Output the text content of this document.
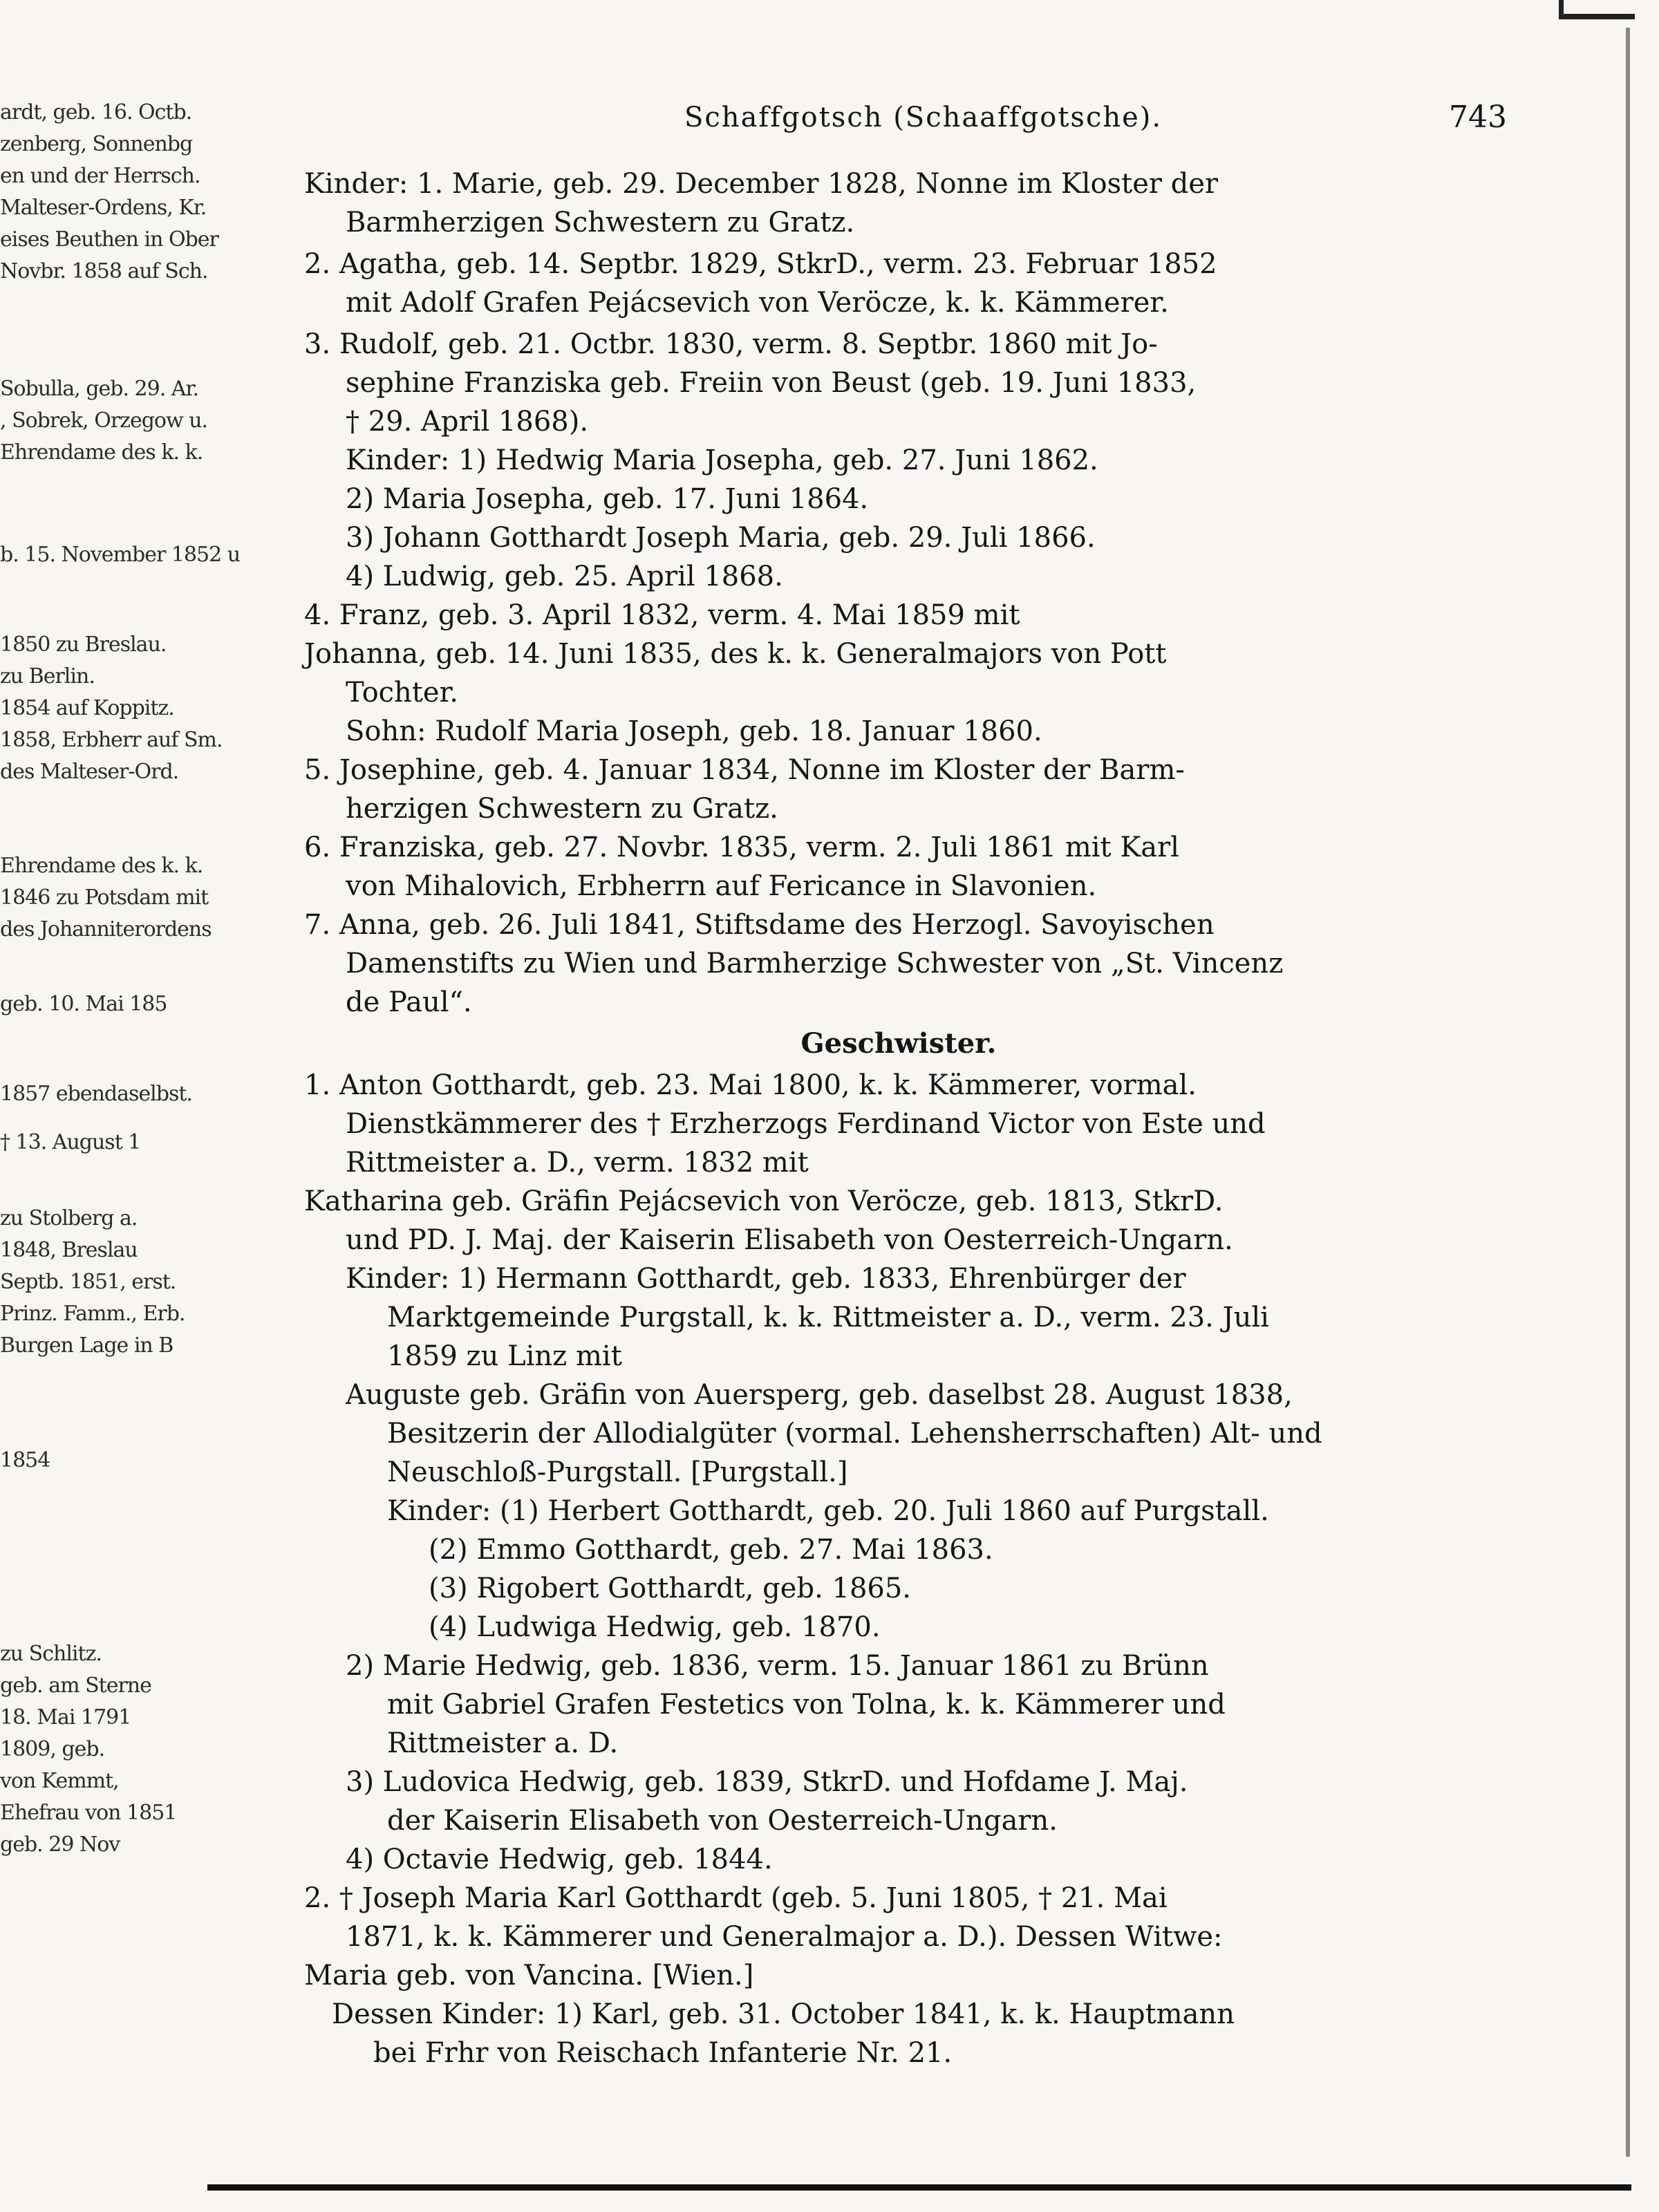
ardt, geb. 16. Octb.
zenberg, Sonnenbg
en und der Herrsch.
Malteser-Ordens, Kr.
eises Beuthen in Ober
Novbr. 1858 auf Sch.
Sobulla, geb. 29. Ar.
, Sobrek, Orzegow u.
Ehrendame des k. k.
b. 15. November 1852 u
1850 zu Breslau.
zu Berlin.
1854 auf Koppitz.
1858, Erbherr auf Sm.
des Malteser-Ord.
Ehrendame des k. k.
1846 zu Potsdam mit
des Johanniterordens
geb. 10. Mai 185
1857 ebendaselbst.
† 13. August 1
zu Stolberg a.
1848, Breslau
Septb. 1851, erst.
Prinz. Famm., Erb.
Burgen Lage in B
1854
zu Schlitz.
geb. am Sterne
18. Mai 1791
1809, geb.
von Kemmt,
Ehefrau von 1851
geb. 29 Nov
Schaffgotsch (Schaaffgotsche).	743
Kinder: 1. Marie, geb. 29. December 1828, Nonne im Kloster der
Barmherzigen Schwestern zu Gratz.
2. Agatha, geb. 14. Septbr. 1829, StkrD., verm. 23. Februar 1852
mit Adolf Grafen Pejácsevich von Veröcze, k. k. Kämmerer.
3. Rudolf, geb. 21. Octbr. 1830, verm. 8. Septbr. 1860 mit Jo-
sephine Franziska geb. Freiin von Beust (geb. 19. Juni 1833,
† 29. April 1868).
Kinder: 1) Hedwig Maria Josepha, geb. 27. Juni 1862.
2) Maria Josepha, geb. 17. Juni 1864.
3) Johann Gotthardt Joseph Maria, geb. 29. Juli 1866.
4) Ludwig, geb. 25. April 1868.
4. Franz, geb. 3. April 1832, verm. 4. Mai 1859 mit
Johanna, geb. 14. Juni 1835, des k. k. Generalmajors von Pott
Tochter.
Sohn: Rudolf Maria Joseph, geb. 18. Januar 1860.
5. Josephine, geb. 4. Januar 1834, Nonne im Kloster der Barm-
herzigen Schwestern zu Gratz.
6. Franziska, geb. 27. Novbr. 1835, verm. 2. Juli 1861 mit Karl
von Mihalovich, Erbherrn auf Fericance in Slavonien.
7. Anna, geb. 26. Juli 1841, Stiftsdame des Herzogl. Savoyischen
Damenstifts zu Wien und Barmherzige Schwester von „St. Vincenz
de Paul“.
Geschwister.
1. Anton Gotthardt, geb. 23. Mai 1800, k. k. Kämmerer, vormal.
Dienstkämmerer des † Erzherzogs Ferdinand Victor von Este und
Rittmeister a. D., verm. 1832 mit
Katharina geb. Gräfin Pejácsevich von Veröcze, geb. 1813, StkrD.
und PD. J. Maj. der Kaiserin Elisabeth von Oesterreich-Ungarn.
Kinder: 1) Hermann Gotthardt, geb. 1833, Ehrenbürger der
Marktgemeinde Purgstall, k. k. Rittmeister a. D., verm. 23. Juli
1859 zu Linz mit
Auguste geb. Gräfin von Auersperg, geb. daselbst 28. August 1838,
Besitzerin der Allodialgüter (vormal. Lehensherrschaften) Alt- und
Neuschloß-Purgstall. [Purgstall.]
Kinder: (1) Herbert Gotthardt, geb. 20. Juli 1860 auf Purgstall.
(2) Emmo Gotthardt, geb. 27. Mai 1863.
(3) Rigobert Gotthardt, geb. 1865.
(4) Ludwiga Hedwig, geb. 1870.
2) Marie Hedwig, geb. 1836, verm. 15. Januar 1861 zu Brünn
mit Gabriel Grafen Festetics von Tolna, k. k. Kämmerer und
Rittmeister a. D.
3) Ludovica Hedwig, geb. 1839, StkrD. und Hofdame J. Maj.
der Kaiserin Elisabeth von Oesterreich-Ungarn.
4) Octavie Hedwig, geb. 1844.
2. † Joseph Maria Karl Gotthardt (geb. 5. Juni 1805, † 21. Mai
1871, k. k. Kämmerer und Generalmajor a. D.). Dessen Witwe:
Maria geb. von Vancina. [Wien.]
Dessen Kinder: 1) Karl, geb. 31. October 1841, k. k. Hauptmann
bei Frhr von Reischach Infanterie Nr. 21.
